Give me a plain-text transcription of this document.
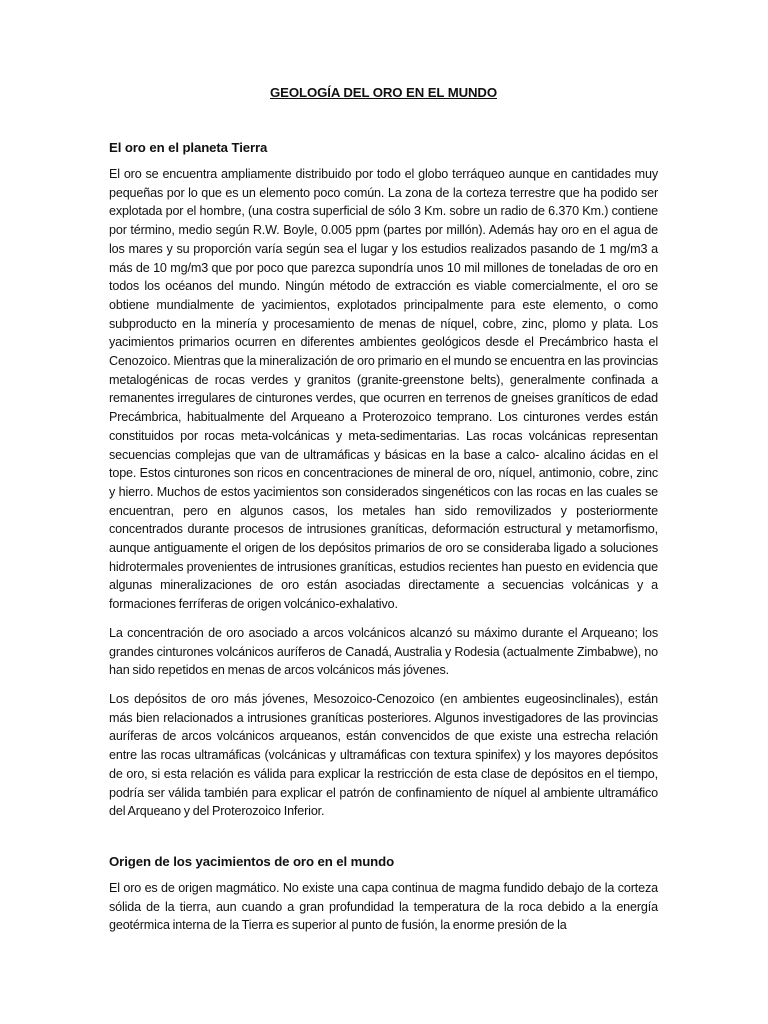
GEOLOGÍA DEL ORO EN EL MUNDO
El oro en el planeta Tierra

El oro se encuentra ampliamente distribuido por todo el globo terráqueo aunque en cantidades muy pequeñas por lo que es un elemento poco común. La zona de la corteza terrestre que ha podido ser explotada por el hombre, (una costra superficial de sólo 3 Km. sobre un radio de 6.370 Km.) contiene por término, medio según R.W. Boyle, 0.005 ppm (partes por millón). Además hay oro en el agua de los mares y su proporción varía según sea el lugar y los estudios realizados pasando de 1 mg/m3 a más de 10 mg/m3 que por poco que parezca supondría unos 10 mil millones de toneladas de oro en todos los océanos del mundo. Ningún método de extracción es viable comercialmente, el oro se obtiene mundialmente de yacimientos, explotados principalmente para este elemento, o como subproducto en la minería y procesamiento de menas de níquel, cobre, zinc, plomo y plata. Los yacimientos primarios ocurren en diferentes ambientes geológicos desde el Precámbrico hasta el Cenozoico. Mientras que la mineralización de oro primario en el mundo se encuentra en las provincias metalogénicas de rocas verdes y granitos (granite-greenstone belts), generalmente confinada a remanentes irregulares de cinturones verdes, que ocurren en terrenos de gneises graníticos de edad Precámbrica, habitualmente del Arqueano a Proterozoico temprano. Los cinturones verdes están constituidos por rocas meta-volcánicas y meta-sedimentarias. Las rocas volcánicas representan secuencias complejas que van de ultramáficas y básicas en la base a calco- alcalino ácidas en el tope. Estos cinturones son ricos en concentraciones de mineral de oro, níquel, antimonio, cobre, zinc y hierro. Muchos de estos yacimientos son considerados singenéticos con las rocas en las cuales se encuentran, pero en algunos casos, los metales han sido removilizados y posteriormente concentrados durante procesos de intrusiones graníticas, deformación estructural y metamorfismo, aunque antiguamente el origen de los depósitos primarios de oro se consideraba ligado a soluciones hidrotermales provenientes de intrusiones graníticas, estudios recientes han puesto en evidencia que algunas mineralizaciones de oro están asociadas directamente a secuencias volcánicas y a formaciones ferríferas de origen volcánico-exhalativo.

La concentración de oro asociado a arcos volcánicos alcanzó su máximo durante el Arqueano; los grandes cinturones volcánicos auríferos de Canadá, Australia y Rodesia (actualmente Zimbabwe), no han sido repetidos en menas de arcos volcánicos más jóvenes.

Los depósitos de oro más jóvenes, Mesozoico-Cenozoico (en ambientes eugeosinclinales), están más bien relacionados a intrusiones graníticas posteriores. Algunos investigadores de las provincias auríferas de arcos volcánicos arqueanos, están convencidos de que existe una estrecha relación entre las rocas ultramáficas (volcánicas y ultramáficas con textura spinifex) y los mayores depósitos de oro, si esta relación es válida para explicar la restricción de esta clase de depósitos en el tiempo, podría ser válida también para explicar el patrón de confinamiento de níquel al ambiente ultramáfico del Arqueano y del Proterozoico Inferior.

Origen de los yacimientos de oro en el mundo

El oro es de origen magmático. No existe una capa continua de magma fundido debajo de la corteza sólida de la tierra, aun cuando a gran profundidad la temperatura de la roca debido a la energía geotérmica interna de la Tierra es superior al punto de fusión, la enorme presión de la
